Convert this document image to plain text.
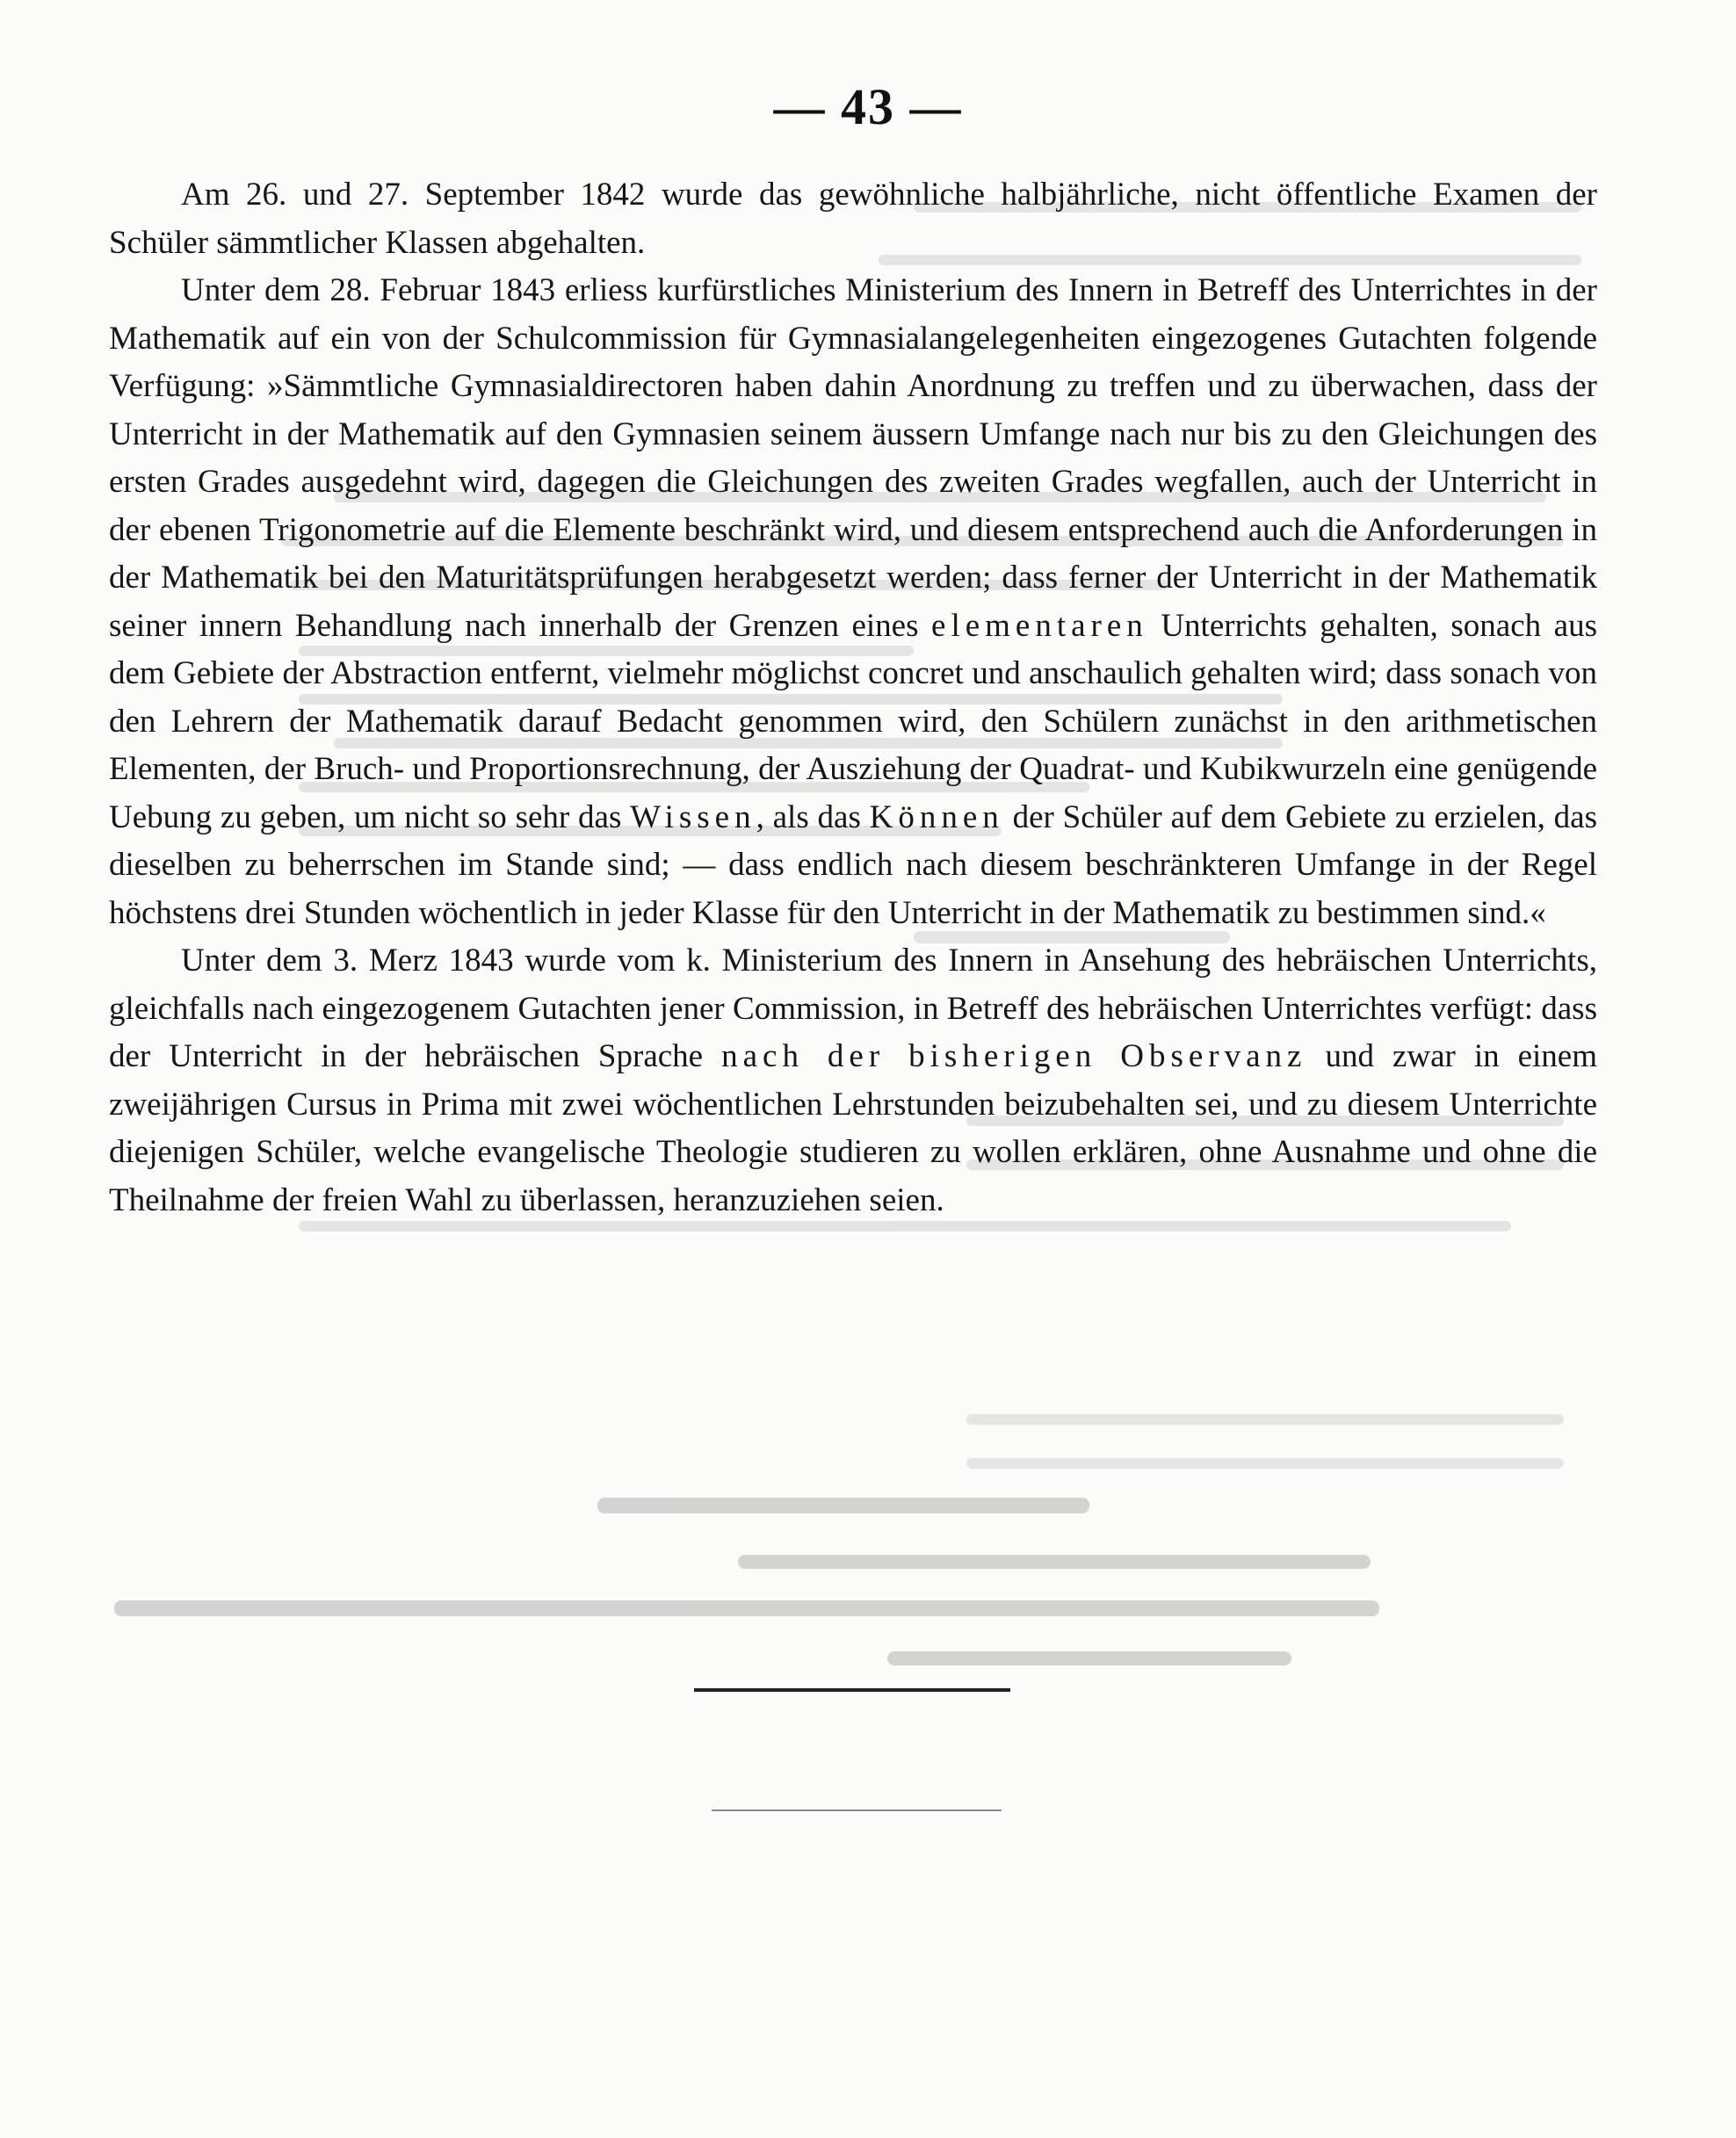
— 43 —

Am 26. und 27. September 1842 wurde das gewöhnliche halbjährliche, nicht öffentliche Examen der Schüler sämmtlicher Klassen abgehalten.

Unter dem 28. Februar 1843 erliess kurfürstliches Ministerium des Innern in Betreff des Unterrichtes in der Mathematik auf ein von der Schulcommission für Gymnasialangelegenheiten eingezogenes Gutachten folgende Verfügung: »Sämmtliche Gymnasialdirectoren haben dahin Anordnung zu treffen und zu überwachen, dass der Unterricht in der Mathematik auf den Gymnasien seinem äussern Umfange nach nur bis zu den Gleichungen des ersten Grades ausgedehnt wird, dagegen die Gleichungen des zweiten Grades wegfallen, auch der Unterricht in der ebenen Trigonometrie auf die Elemente beschränkt wird, und diesem entsprechend auch die Anforderungen in der Mathematik bei den Maturitätsprüfungen herabgesetzt werden; dass ferner der Unterricht in der Mathematik seiner innern Behandlung nach innerhalb der Grenzen eines elementaren Unterrichts gehalten, sonach aus dem Gebiete der Abstraction entfernt, vielmehr möglichst concret und anschaulich gehalten wird; dass sonach von den Lehrern der Mathematik darauf Bedacht genommen wird, den Schülern zunächst in den arithmetischen Elementen, der Bruch- und Proportionsrechnung, der Ausziehung der Quadrat- und Kubikwurzeln eine genügende Uebung zu geben, um nicht so sehr das Wissen, als das Können der Schüler auf dem Gebiete zu erzielen, das dieselben zu beherrschen im Stande sind; — dass endlich nach diesem beschränkteren Umfange in der Regel höchstens drei Stunden wöchentlich in jeder Klasse für den Unterricht in der Mathematik zu bestimmen sind.«

Unter dem 3. Merz 1843 wurde vom k. Ministerium des Innern in Ansehung des hebräischen Unterrichts, gleichfalls nach eingezogenem Gutachten jener Commission, in Betreff des hebräischen Unterrichtes verfügt: dass der Unterricht in der hebräischen Sprache nach der bisherigen Observanz und zwar in einem zweijährigen Cursus in Prima mit zwei wöchentlichen Lehrstunden beizubehalten sei, und zu diesem Unterrichte diejenigen Schüler, welche evangelische Theologie studieren zu wollen erklären, ohne Ausnahme und ohne die Theilnahme der freien Wahl zu überlassen, heranzuziehen seien.
